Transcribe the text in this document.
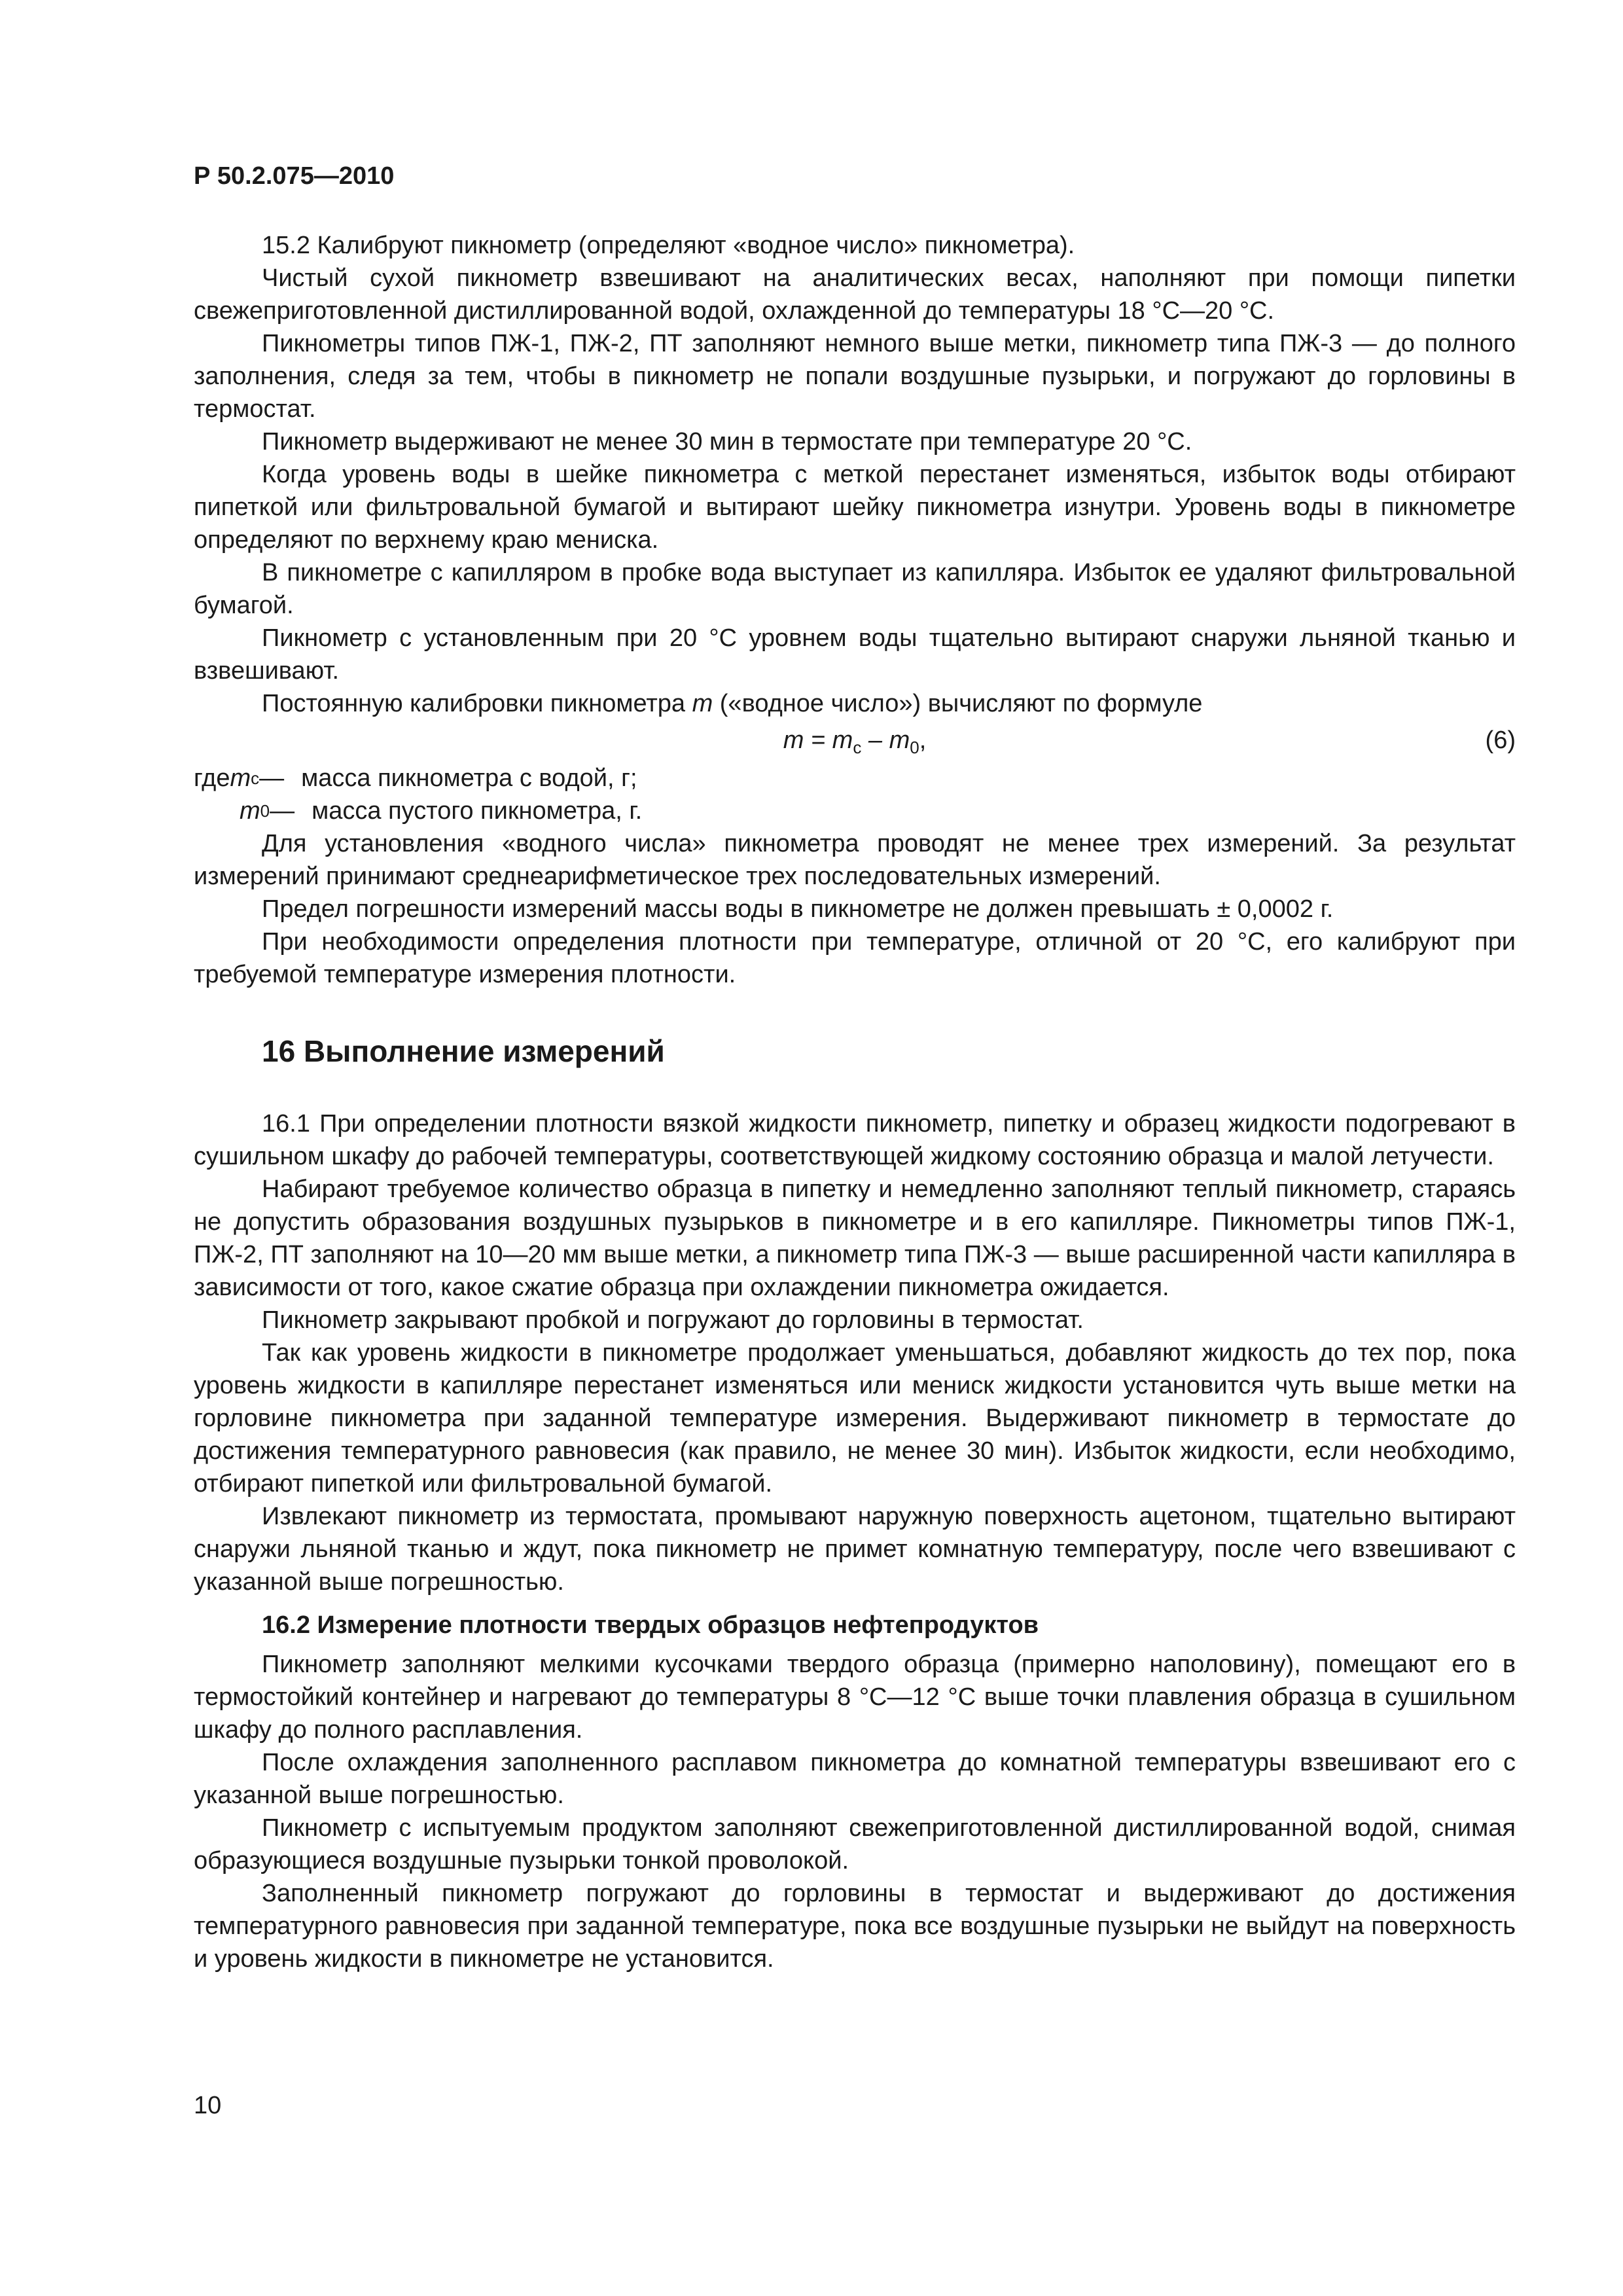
Р 50.2.075—2010

15.2 Калибруют пикнометр (определяют «водное число» пикнометра).

Чистый сухой пикнометр взвешивают на аналитических весах, наполняют при помощи пипетки свежеприготовленной дистиллированной водой, охлажденной до температуры 18 °С—20 °С.

Пикнометры типов ПЖ-1, ПЖ-2, ПТ заполняют немного выше метки, пикнометр типа ПЖ-3 — до полного заполнения, следя за тем, чтобы в пикнометр не попали воздушные пузырьки, и погружают до горловины в термостат.

Пикнометр выдерживают не менее 30 мин в термостате при температуре 20 °С.

Когда уровень воды в шейке пикнометра с меткой перестанет изменяться, избыток воды отбирают пипеткой или фильтровальной бумагой и вытирают шейку пикнометра изнутри. Уровень воды в пикнометре определяют по верхнему краю мениска.

В пикнометре с капилляром в пробке вода выступает из капилляра. Избыток ее удаляют фильтровальной бумагой.

Пикнометр с установленным при 20 °С уровнем воды тщательно вытирают снаружи льняной тканью и взвешивают.

Постоянную калибровки пикнометра m («водное число») вычисляют по формуле

$m = m_с - m_0$,	(6)
где m с — масса пикнометра с водой, г;
m 0 — масса пустого пикнометра, г.

Для установления «водного числа» пикнометра проводят не менее трех измерений. За результат измерений принимают среднеарифметическое трех последовательных измерений.

Предел погрешности измерений массы воды в пикнометре не должен превышать ± 0,0002 г.

При необходимости определения плотности при температуре, отличной от 20 °С, его калибруют при требуемой температуре измерения плотности.

16 Выполнение измерений

16.1 При определении плотности вязкой жидкости пикнометр, пипетку и образец жидкости подогревают в сушильном шкафу до рабочей температуры, соответствующей жидкому состоянию образца и малой летучести.

Набирают требуемое количество образца в пипетку и немедленно заполняют теплый пикнометр, стараясь не допустить образования воздушных пузырьков в пикнометре и в его капилляре. Пикнометры типов ПЖ-1, ПЖ-2, ПТ заполняют на 10—20 мм выше метки, а пикнометр типа ПЖ-3 — выше расширенной части капилляра в зависимости от того, какое сжатие образца при охлаждении пикнометра ожидается.

Пикнометр закрывают пробкой и погружают до горловины в термостат.

Так как уровень жидкости в пикнометре продолжает уменьшаться, добавляют жидкость до тех пор, пока уровень жидкости в капилляре перестанет изменяться или мениск жидкости установится чуть выше метки на горловине пикнометра при заданной температуре измерения. Выдерживают пикнометр в термостате до достижения температурного равновесия (как правило, не менее 30 мин). Избыток жидкости, если необходимо, отбирают пипеткой или фильтровальной бумагой.

Извлекают пикнометр из термостата, промывают наружную поверхность ацетоном, тщательно вытирают снаружи льняной тканью и ждут, пока пикнометр не примет комнатную температуру, после чего взвешивают с указанной выше погрешностью.

16.2 Измерение плотности твердых образцов нефтепродуктов

Пикнометр заполняют мелкими кусочками твердого образца (примерно наполовину), помещают его в термостойкий контейнер и нагревают до температуры 8 °С—12 °С выше точки плавления образца в сушильном шкафу до полного расплавления.

После охлаждения заполненного расплавом пикнометра до комнатной температуры взвешивают его с указанной выше погрешностью.

Пикнометр с испытуемым продуктом заполняют свежеприготовленной дистиллированной водой, снимая образующиеся воздушные пузырьки тонкой проволокой.

Заполненный пикнометр погружают до горловины в термостат и выдерживают до достижения температурного равновесия при заданной температуре, пока все воздушные пузырьки не выйдут на поверхность и уровень жидкости в пикнометре не установится.

10
